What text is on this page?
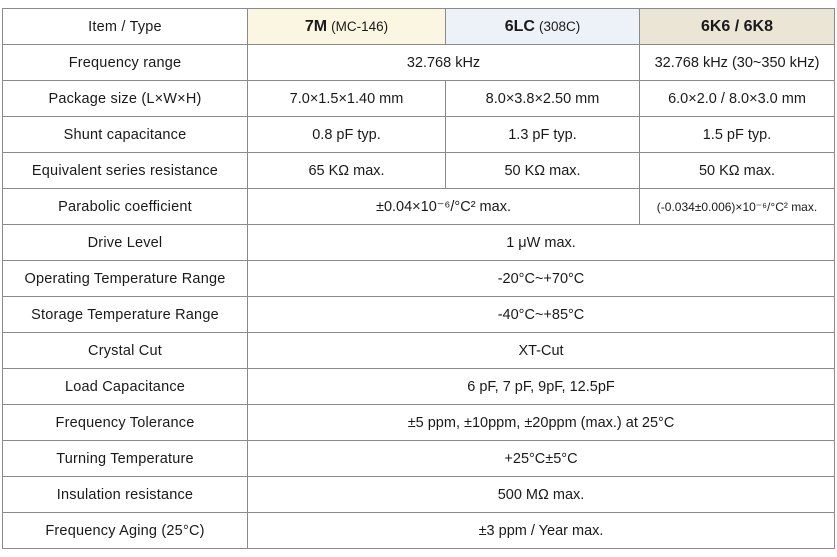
Item / Type	7M (MC-146)	6LC (308C)	6K6 / 6K8
Frequency range	32.768 kHz		32.768 kHz (30~350 kHz)
Package size (L×W×H)	7.0×1.5×1.40 mm	8.0×3.8×2.50 mm	6.0×2.0 / 8.0×3.0 mm
Shunt capacitance	0.8 pF typ.	1.3 pF typ.	1.5 pF typ.
Equivalent series resistance	65 KΩ max.	50 KΩ max.	50 KΩ max.
Parabolic coefficient	±0.04×10⁻⁶/°C² max.		(-0.034±0.006)×10⁻⁶/°C² max.
Drive Level	1 μW max.		
Operating Temperature Range	-20°C~+70°C		
Storage Temperature Range	-40°C~+85°C		
Crystal Cut	XT-Cut		
Load Capacitance	6 pF, 7 pF, 9pF, 12.5pF		
Frequency Tolerance	±5 ppm, ±10ppm, ±20ppm (max.) at 25°C		
Turning Temperature	+25°C±5°C		
Insulation resistance	500 MΩ max.		
Frequency Aging (25°C)	±3 ppm / Year max.		
